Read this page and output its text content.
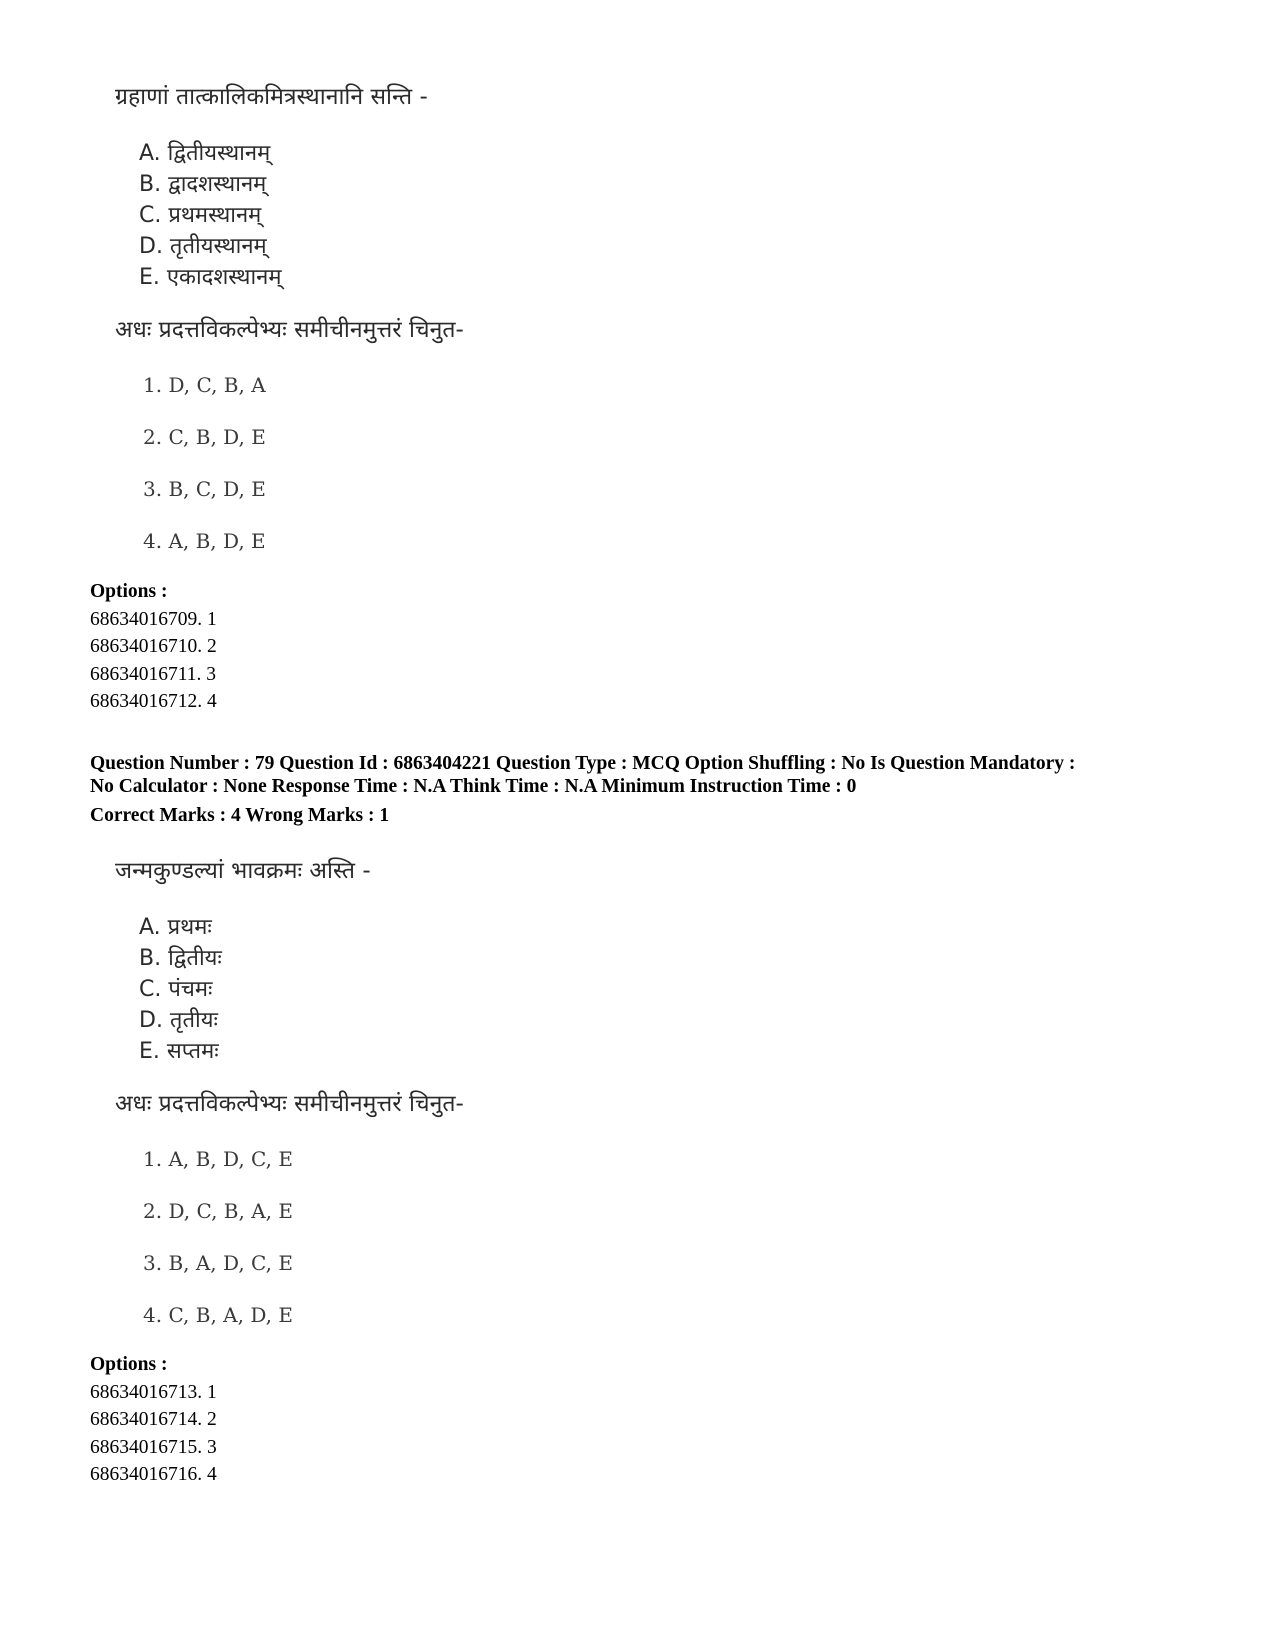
ग्रहाणां तात्कालिकमित्रस्थानानि सन्ति -

A. द्वितीयस्थानम्
B. द्वादशस्थानम्
C. प्रथमस्थानम्
D. तृतीयस्थानम्
E. एकादशस्थानम्

अधः प्रदत्तविकल्पेभ्यः समीचीनमुत्तरं चिनुत-

1. D, C, B, A
2. C, B, D, E
3. B, C, D, E
4. A, B, D, E
Options :
68634016709. 1
68634016710. 2
68634016711. 3
68634016712. 4
Question Number : 79 Question Id : 6863404221 Question Type : MCQ Option Shuffling : No Is Question Mandatory :
No Calculator : None Response Time : N.A Think Time : N.A Minimum Instruction Time : 0
Correct Marks : 4 Wrong Marks : 1

जन्मकुण्डल्यां भावक्रमः अस्ति -

A. प्रथमः
B. द्वितीयः
C. पंचमः
D. तृतीयः
E. सप्तमः

अधः प्रदत्तविकल्पेभ्यः समीचीनमुत्तरं चिनुत-

1. A, B, D, C, E
2. D, C, B, A, E
3. B, A, D, C, E
4. C, B, A, D, E
Options :
68634016713. 1
68634016714. 2
68634016715. 3
68634016716. 4
